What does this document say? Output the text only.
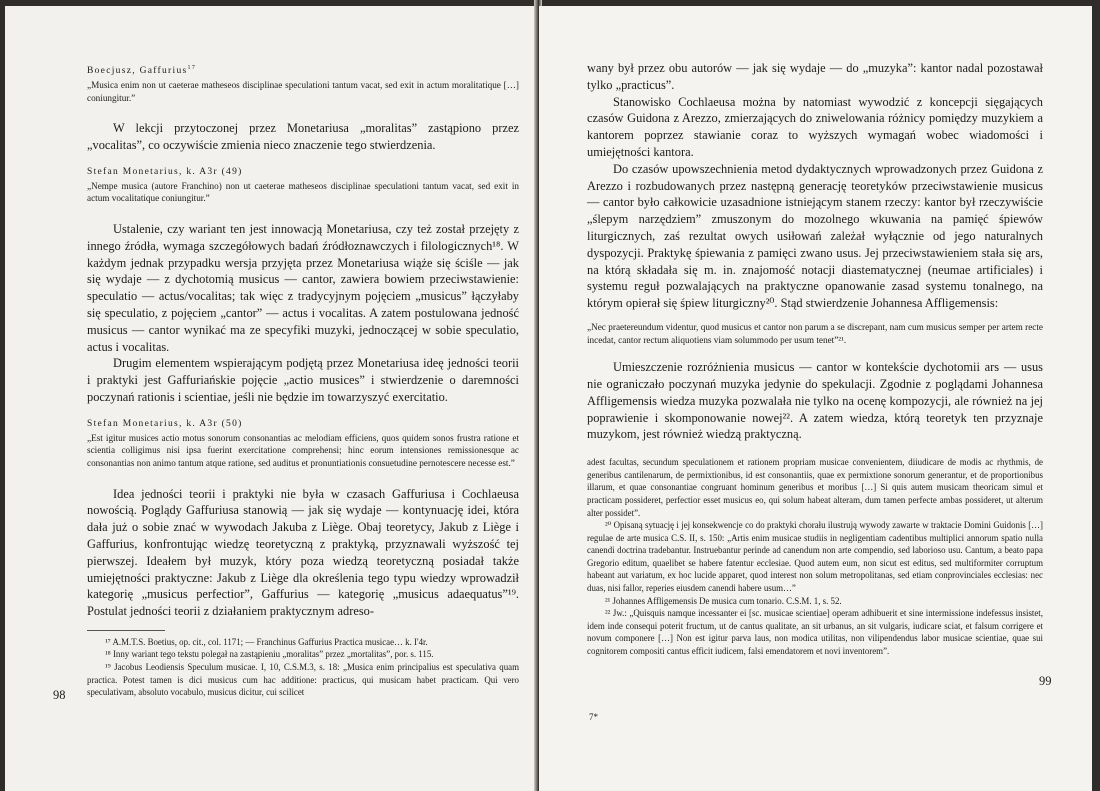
Boecjusz, Gaffurius$^{17}$

„Musica enim non ut caeterae matheseos disciplinae speculationi tantum vacat, sed exit in actum moralitatique […] coniungitur.”

W lekcji przytoczonej przez Monetariusa „moralitas” zastąpiono przez „vocalitas”, co oczywiście zmienia nieco znaczenie tego stwierdzenia.

Stefan Monetarius, k. A3r (49)

„Nempe musica (autore Franchino) non ut caeterae matheseos disciplinae speculationi tantum vacat, sed exit in actum vocalitatique coniungitur.”

Ustalenie, czy wariant ten jest innowacją Monetariusa, czy też został przejęty z innego źródła, wymaga szczegółowych badań źródłoznawczych i filologicznych¹⁸. W każdym jednak przypadku wersja przyjęta przez Monetariusa wiąże się ściśle — jak się wydaje — z dychotomią musicus — cantor, zawiera bowiem przeciwstawienie: speculatio — actus/vocalitas; tak więc z tradycyjnym pojęciem „musicus” łączyłaby się speculatio, z pojęciem „cantor” — actus i vocalitas. A zatem postulowana jedność musicus — cantor wynikać ma ze specyfiki muzyki, jednoczącej w sobie speculatio, actus i vocalitas.

Drugim elementem wspierającym podjętą przez Monetariusa ideę jedności teorii i praktyki jest Gaffuriańskie pojęcie „actio musices” i stwierdzenie o daremności poczynań rationis i scientiae, jeśli nie będzie im towarzyszyć exercitatio.

Stefan Monetarius, k. A3r (50)

„Est igitur musices actio motus sonorum consonantias ac melodiam efficiens, quos quidem sonos frustra ratione et scientia colligimus nisi ipsa fuerint exercitatione comprehensi; hinc eorum intensiones remissionesque ac consonantias non animo tantum atque ratione, sed auditus et pronuntiationis consuetudine pernotescere necesse est.”

Idea jedności teorii i praktyki nie była w czasach Gaffuriusa i Cochlaeusa nowością. Poglądy Gaffuriusa stanowią — jak się wydaje — kontynuację idei, która dała już o sobie znać w wywodach Jakuba z Liège. Obaj teoretycy, Jakub z Liège i Gaffurius, konfrontując wiedzę teoretyczną z praktyką, przyznawali wyższość tej pierwszej. Ideałem był muzyk, który poza wiedzą teoretyczną posiadał także umiejętności praktyczne: Jakub z Liège dla określenia tego typu wiedzy wprowadził kategorię „musicus perfectior”, Gaffurius — kategorię „musicus adaequatus”¹⁹. Postulat jedności teorii z działaniem praktycznym adreso-

¹⁷ A.M.T.S. Boetius, op. cit., col. 1171; — Franchinus Gaffurius Practica musicae… k. I'4r.

¹⁸ Inny wariant tego tekstu polegał na zastąpieniu „moralitas” przez „mortalitas”, por. s. 115.

¹⁹ Jacobus Leodiensis Speculum musicae. I, 10, C.S.M.3, s. 18: „Musica enim principalius est speculativa quam practica. Potest tamen is dici musicus cum hac additione: practicus, qui musicam habet practicam. Qui vero speculativam, absoluto vocabulo, musicus dicitur, cui scilicet

98

wany był przez obu autorów — jak się wydaje — do „muzyka”: kantor nadal pozostawał tylko „practicus”.

Stanowisko Cochlaeusa można by natomiast wywodzić z koncepcji sięgających czasów Guidona z Arezzo, zmierzających do zniwelowania różnicy pomiędzy muzykiem a kantorem poprzez stawianie coraz to wyższych wymagań wobec wiadomości i umiejętności kantora.

Do czasów upowszechnienia metod dydaktycznych wprowadzonych przez Guidona z Arezzo i rozbudowanych przez następną generację teoretyków przeciwstawienie musicus — cantor było całkowicie uzasadnione istniejącym stanem rzeczy: kantor był rzeczywiście „ślepym narzędziem” zmuszonym do mozolnego wkuwania na pamięć śpiewów liturgicznych, zaś rezultat owych usiłowań zależał wyłącznie od jego naturalnych dyspozycji. Praktykę śpiewania z pamięci zwano usus. Jej przeciwstawieniem stała się ars, na którą składała się m. in. znajomość notacji diastematycznej (neumae artificiales) i systemu reguł pozwalających na praktyczne opanowanie zasad systemu tonalnego, na którym opierał się śpiew liturgiczny²⁰. Stąd stwierdzenie Johannesa Affligemensis:

„Nec praetereundum videntur, quod musicus et cantor non parum a se discrepant, nam cum musicus semper per artem recte incedat, cantor rectum aliquotiens viam solummodo per usum tenet”²¹.

Umieszczenie rozróżnienia musicus — cantor w kontekście dychotomii ars — usus nie ograniczało poczynań muzyka jedynie do spekulacji. Zgodnie z poglądami Johannesa Affligemensis wiedza muzyka pozwalała nie tylko na ocenę kompozycji, ale również na jej poprawienie i skomponowanie nowej²². A zatem wiedza, którą teoretyk ten przyznaje muzykom, jest również wiedzą praktyczną.

adest facultas, secundum speculationem et rationem propriam musicae convenientem, diiudicare de modis ac rhythmis, de generibus cantilenarum, de permixtionibus, id est consonantiis, quae ex permixtione sonorum generantur, et de proportionibus illarum, et quae consonantiae congruant hominum generibus et moribus […] Si quis autem musicam theoricam simul et practicam possideret, perfectior esset musicus eo, qui solum habeat alteram, dum tamen perfecte ambas possideret, ut alterum alter possidet”.

²⁰ Opisaną sytuację i jej konsekwencje co do praktyki chorału ilustrują wywody zawarte w traktacie Domini Guidonis […] regulae de arte musica C.S. II, s. 150: „Artis enim musicae studiis in negligentiam cadentibus multiplici annorum spatio nulla canendi doctrina tradebantur. Instruebantur perinde ad canendum non arte compendio, sed laborioso usu. Cantum, a beato papa Gregorio editum, quaelibet se habere fatentur ecclesiae. Quod autem eum, non sicut est editus, sed multiformiter corruptum habeant aut variatum, ex hoc lucide apparet, quod interest non solum metropolitanas, sed etiam conprovinciales ecclesias: nec duas, nisi fallor, reperies eiusdem canendi habere usum…”

²¹ Johannes Affligemensis De musica cum tonario. C.S.M. 1, s. 52.

²² Jw.: „Quisquis namque incessanter ei [sc. musicae scientiae] operam adhibuerit et sine intermissione indefessus insistet, idem inde consequi poterit fructum, ut de cantus qualitate, an sit urbanus, an sit vulgaris, iudicare sciat, et falsum corrigere et novum componere […] Non est igitur parva laus, non modica utilitas, non vilipendendus labor musicae scientiae, quae sui cognitorem compositi cantus efficit iudicem, falsi emendatorem et novi inventorem”.

99
7*
